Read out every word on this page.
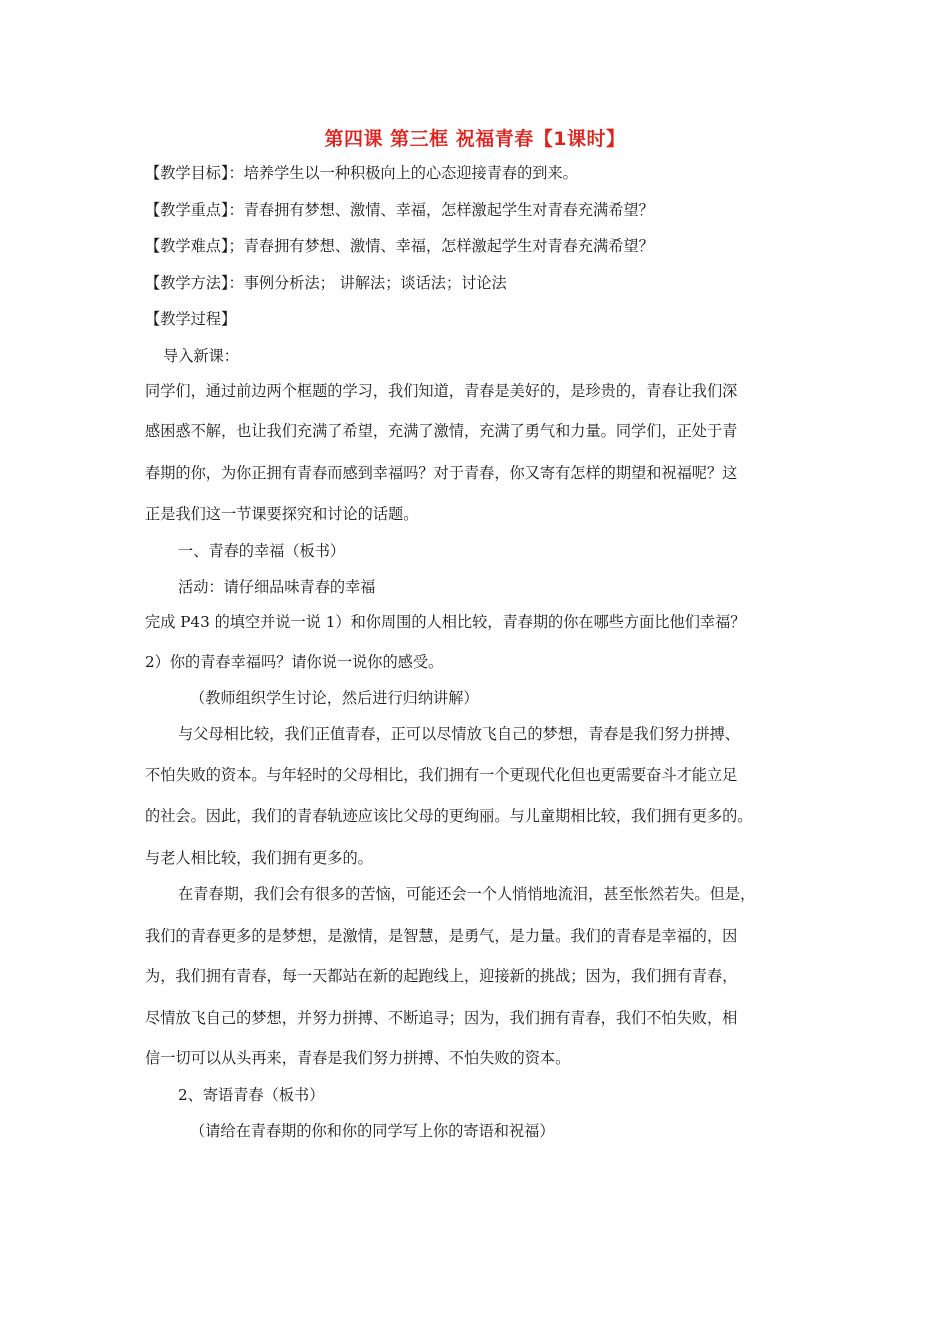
第四课 第三框 祝福青春【1课时】
【教学目标】：培养学生以一种积极向上的心态迎接青春的到来。
【教学重点】：青春拥有梦想、激情、幸福，怎样激起学生对青春充满希望？
【教学难点】；青春拥有梦想、激情、幸福，怎样激起学生对青春充满希望？
【教学方法】：事例分析法； 讲解法；谈话法；讨论法
【教学过程】
导入新课：
同学们，通过前边两个框题的学习，我们知道，青春是美好的，是珍贵的，青春让我们深
感困惑不解，也让我们充满了希望，充满了激情，充满了勇气和力量。同学们，正处于青
春期的你，为你正拥有青春而感到幸福吗？对于青春，你又寄有怎样的期望和祝福呢？这
正是我们这一节课要探究和讨论的话题。
一、青春的幸福（板书）
活动：请仔细品味青春的幸福
完成 P43 的填空并说一说 1）和你周围的人相比较，青春期的你在哪些方面比他们幸福？
2）你的青春幸福吗？请你说一说你的感受。
（教师组织学生讨论，然后进行归纳讲解）
与父母相比较，我们正值青春，正可以尽情放飞自己的梦想，青春是我们努力拼搏、
不怕失败的资本。与年轻时的父母相比，我们拥有一个更现代化但也更需要奋斗才能立足
的社会。因此，我们的青春轨迹应该比父母的更绚丽。与儿童期相比较，我们拥有更多的。
与老人相比较，我们拥有更多的。
在青春期，我们会有很多的苦恼，可能还会一个人悄悄地流泪，甚至怅然若失。但是，
我们的青春更多的是梦想，是激情，是智慧，是勇气，是力量。我们的青春是幸福的，因
为，我们拥有青春，每一天都站在新的起跑线上，迎接新的挑战；因为，我们拥有青春，
尽情放飞自己的梦想，并努力拼搏、不断追寻；因为，我们拥有青春，我们不怕失败，相
信一切可以从头再来，青春是我们努力拼搏、不怕失败的资本。
2、寄语青春（板书）
（请给在青春期的你和你的同学写上你的寄语和祝福）
